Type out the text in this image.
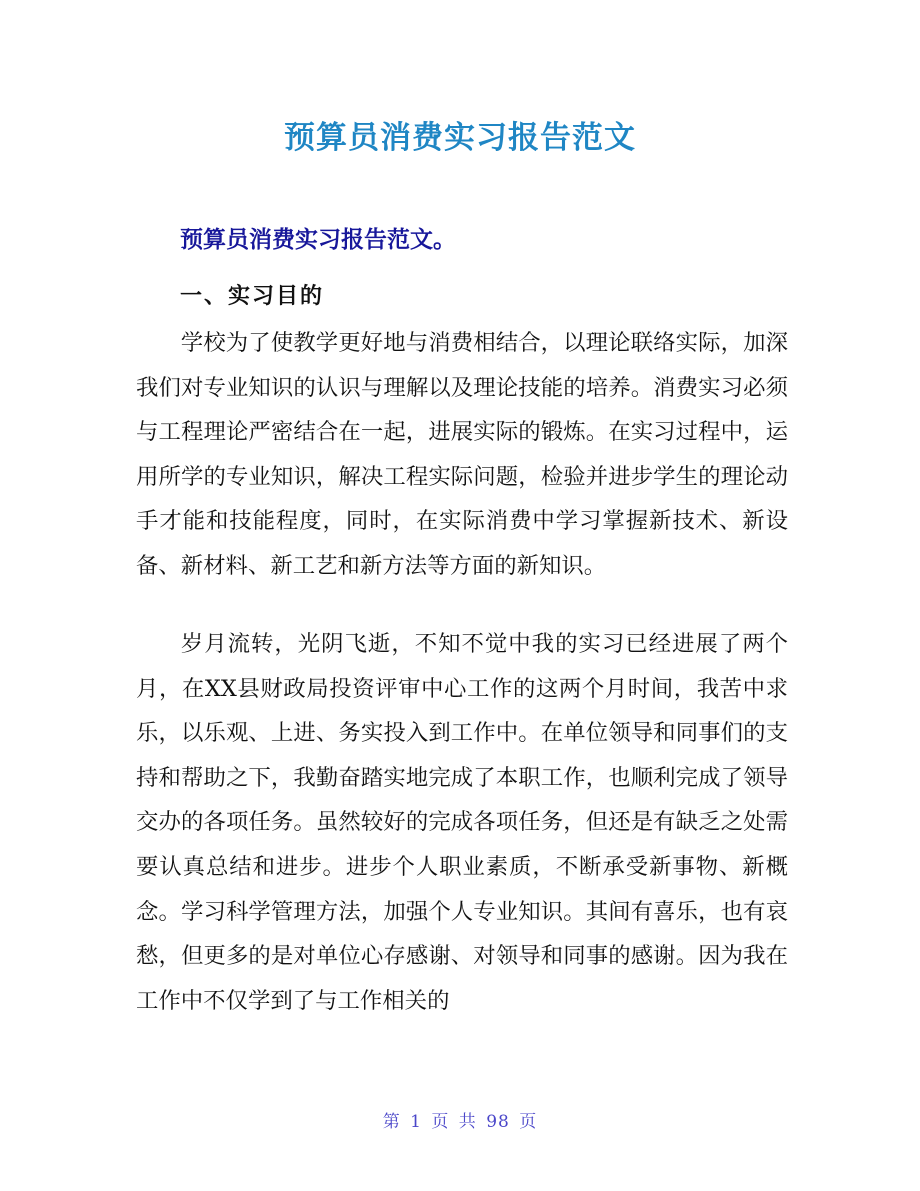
预算员消费实习报告范文
预算员消费实习报告范文。
一、实习目的

学校为了使教学更好地与消费相结合，以理论联络实际，加深我们对专业知识的认识与理解以及理论技能的培养。消费实习必须与工程理论严密结合在一起，进展实际的锻炼。在实习过程中，运用所学的专业知识，解决工程实际问题，检验并进步学生的理论动手才能和技能程度，同时，在实际消费中学习掌握新技术、新设备、新材料、新工艺和新方法等方面的新知识。

岁月流转，光阴飞逝，不知不觉中我的实习已经进展了两个月，在XX县财政局投资评审中心工作的这两个月时间，我苦中求乐，以乐观、上进、务实投入到工作中。在单位领导和同事们的支持和帮助之下，我勤奋踏实地完成了本职工作，也顺利完成了领导交办的各项任务。虽然较好的完成各项任务，但还是有缺乏之处需要认真总结和进步。进步个人职业素质，不断承受新事物、新概念。学习科学管理方法，加强个人专业知识。其间有喜乐，也有哀愁，但更多的是对单位心存感谢、对领导和同事的感谢。因为我在工作中不仅学到了与工作相关的

第 1 页 共 98 页
